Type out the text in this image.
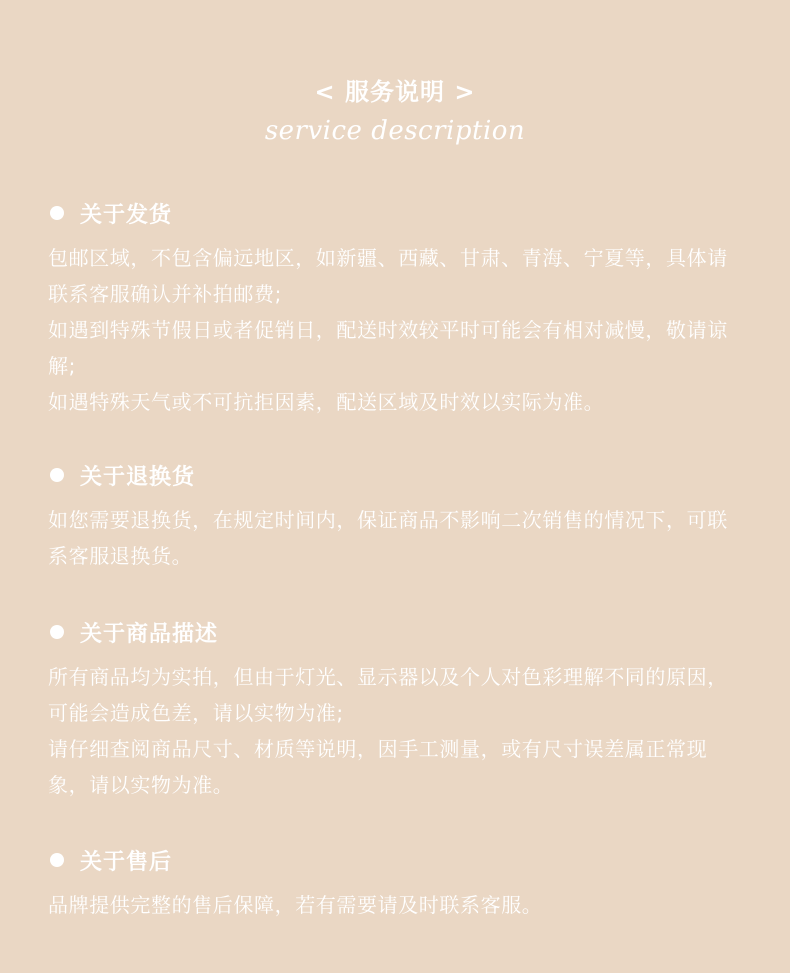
< 服务说明 >
service description
关于发货

包邮区域，不包含偏远地区，如新疆、西藏、甘肃、青海、宁夏等，具体请联系客服确认并补拍邮费;

如遇到特殊节假日或者促销日，配送时效较平时可能会有相对减慢，敬请谅解;

如遇特殊天气或不可抗拒因素，配送区域及时效以实际为准。

关于退换货

如您需要退换货，在规定时间内，保证商品不影响二次销售的情况下，可联系客服退换货。

关于商品描述

所有商品均为实拍，但由于灯光、显示器以及个人对色彩理解不同的原因，可能会造成色差，请以实物为准;

请仔细查阅商品尺寸、材质等说明，因手工测量，或有尺寸误差属正常现象，请以实物为准。

关于售后

品牌提供完整的售后保障，若有需要请及时联系客服。
